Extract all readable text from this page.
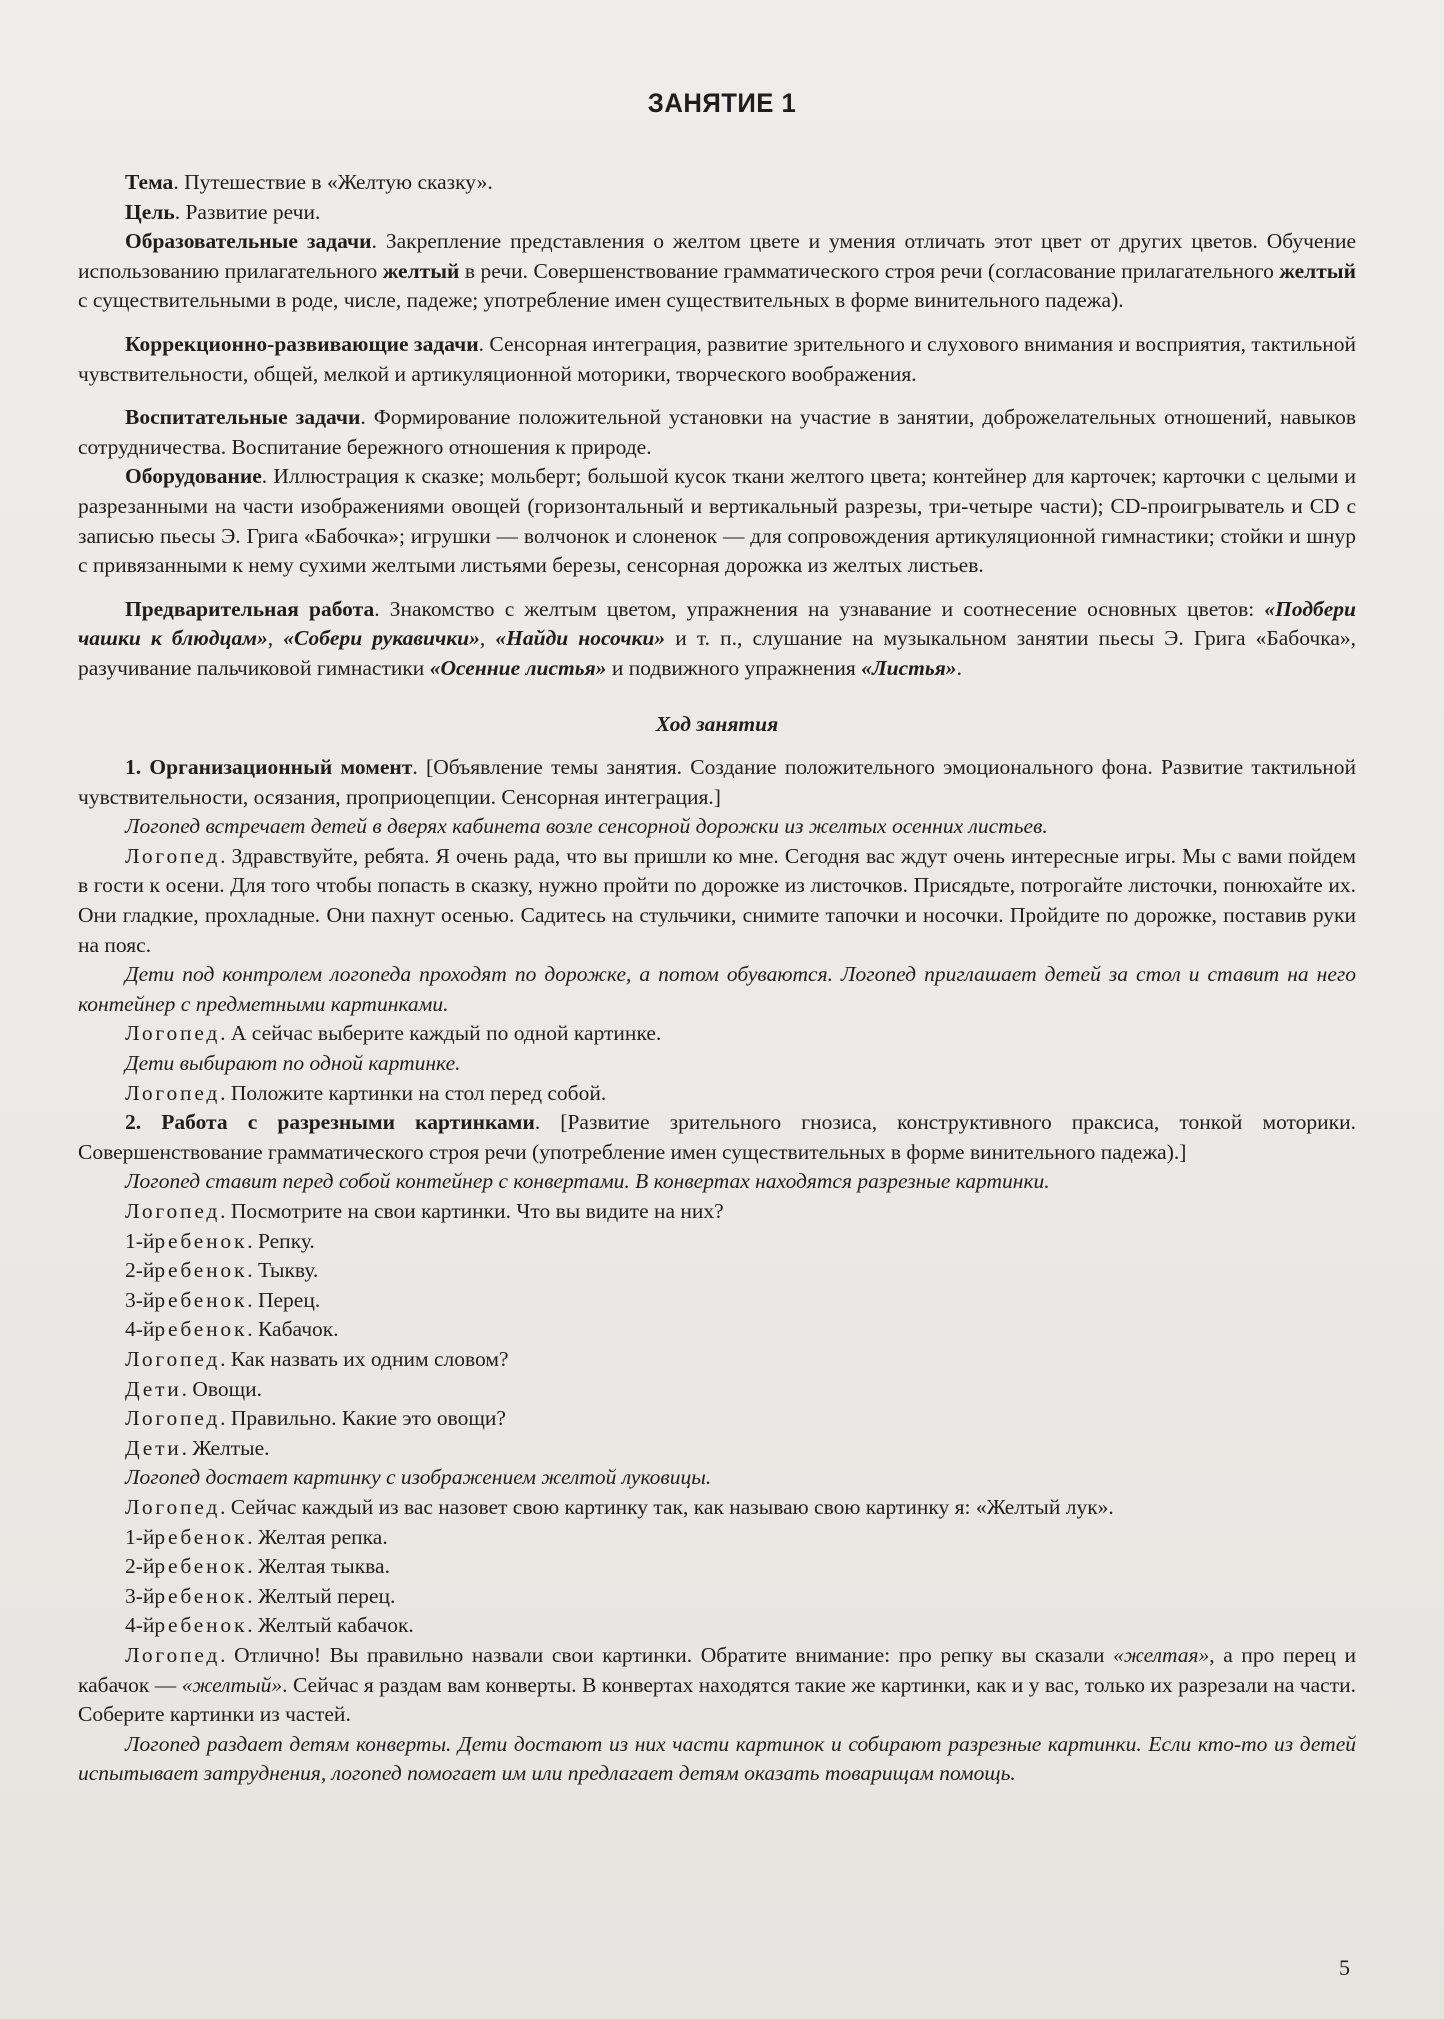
ЗАНЯТИЕ 1

Тема. Путешествие в «Желтую сказку».

Цель. Развитие речи.

Образовательные задачи. Закрепление представления о желтом цвете и умения отличать этот цвет от других цветов. Обучение использованию прилагательного желтый в речи. Совершенствование грамматического строя речи (согласование прилагательного желтый с существительными в роде, числе, падеже; употребление имен существительных в форме винительного падежа).

Коррекционно-развивающие задачи. Сенсорная интеграция, развитие зрительного и слухового внимания и восприятия, тактильной чувствительности, общей, мелкой и артикуляционной моторики, творческого воображения.

Воспитательные задачи. Формирование положительной установки на участие в занятии, доброжелательных отношений, навыков сотрудничества. Воспитание бережного отношения к природе.

Оборудование. Иллюстрация к сказке; мольберт; большой кусок ткани желтого цвета; контейнер для карточек; карточки с целыми и разрезанными на части изображениями овощей (горизонтальный и вертикальный разрезы, три-четыре части); CD-проигрыватель и CD с записью пьесы Э. Грига «Бабочка»; игрушки — волчонок и слоненок — для сопровождения артикуляционной гимнастики; стойки и шнур с привязанными к нему сухими желтыми листьями березы, сенсорная дорожка из желтых листьев.

Предварительная работа. Знакомство с желтым цветом, упражнения на узнавание и соотнесение основных цветов: «Подбери чашки к блюдцам», «Собери рукавички», «Найди носочки» и т. п., слушание на музыкальном занятии пьесы Э. Грига «Бабочка», разучивание пальчиковой гимнастики «Осенние листья» и подвижного упражнения «Листья».

Ход занятия

1. Организационный момент. [Объявление темы занятия. Создание положительного эмоционального фона. Развитие тактильной чувствительности, осязания, проприоцепции. Сенсорная интеграция.]

Логопед встречает детей в дверях кабинета возле сенсорной дорожки из желтых осенних листьев.

Логопед. Здравствуйте, ребята. Я очень рада, что вы пришли ко мне. Сегодня вас ждут очень интересные игры. Мы с вами пойдем в гости к осени. Для того чтобы попасть в сказку, нужно пройти по дорожке из листочков. Присядьте, потрогайте листочки, понюхайте их. Они гладкие, прохладные. Они пахнут осенью. Садитесь на стульчики, снимите тапочки и носочки. Пройдите по дорожке, поставив руки на пояс.

Дети под контролем логопеда проходят по дорожке, а потом обуваются. Логопед приглашает детей за стол и ставит на него контейнер с предметными картинками.

Логопед. А сейчас выберите каждый по одной картинке.

Дети выбирают по одной картинке.

Логопед. Положите картинки на стол перед собой.

2. Работа с разрезными картинками. [Развитие зрительного гнозиса, конструктивного праксиса, тонкой моторики. Совершенствование грамматического строя речи (употребление имен существительных в форме винительного падежа).]

Логопед ставит перед собой контейнер с конвертами. В конвертах находятся разрезные картинки.

Логопед. Посмотрите на свои картинки. Что вы видите на них?

1-йребенок. Репку.

2-йребенок. Тыкву.

3-йребенок. Перец.

4-йребенок. Кабачок.

Логопед. Как назвать их одним словом?

Дети. Овощи.

Логопед. Правильно. Какие это овощи?

Дети. Желтые.

Логопед достает картинку с изображением желтой луковицы.

Логопед. Сейчас каждый из вас назовет свою картинку так, как называю свою картинку я: «Желтый лук».

1-йребенок. Желтая репка.

2-йребенок. Желтая тыква.

3-йребенок. Желтый перец.

4-йребенок. Желтый кабачок.

Логопед. Отлично! Вы правильно назвали свои картинки. Обратите внимание: про репку вы сказали «желтая», а про перец и кабачок — «желтый». Сейчас я раздам вам конверты. В конвертах находятся такие же картинки, как и у вас, только их разрезали на части. Соберите картинки из частей.

Логопед раздает детям конверты. Дети достают из них части картинок и собирают разрезные картинки. Если кто-то из детей испытывает затруднения, логопед помогает им или предлагает детям оказать товарищам помощь.

5
